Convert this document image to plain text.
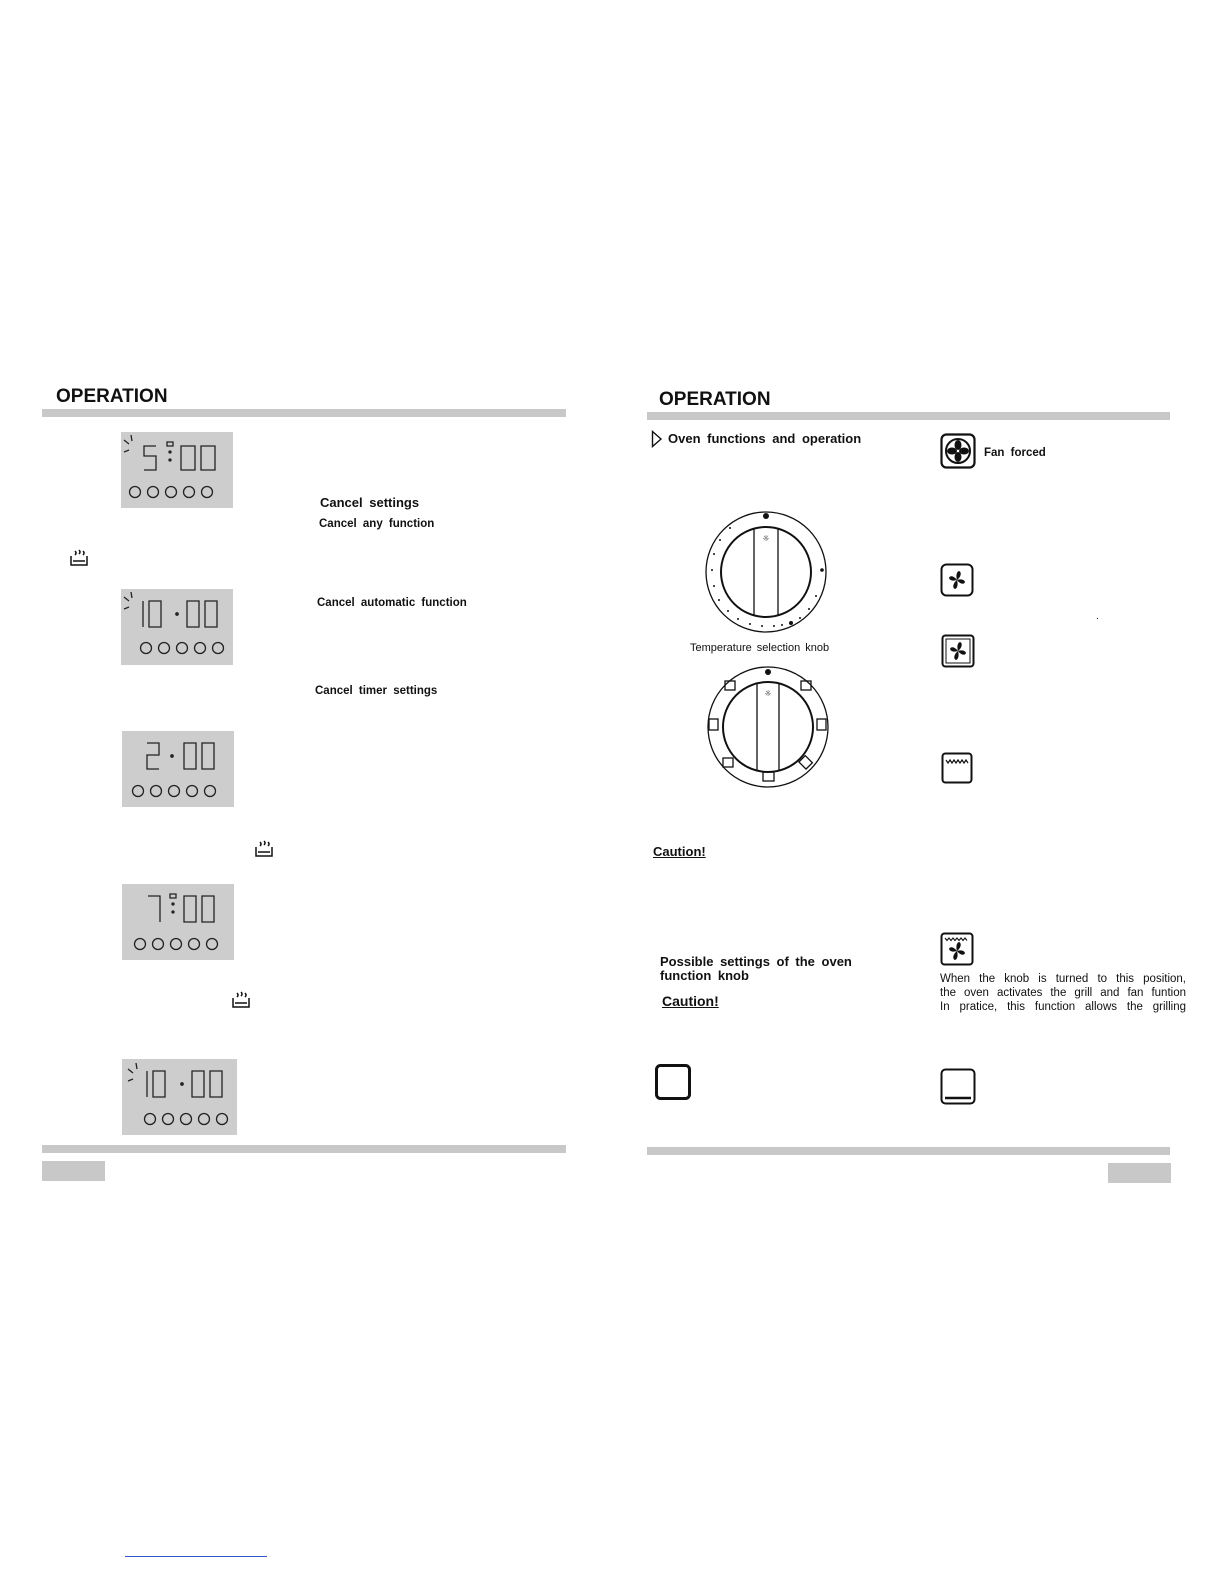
OPERATION
Cancel settings
Cancel any function
Cancel automatic function
Cancel timer settings
OPERATION
Oven functions and operation
☼
Temperature selection knob
☼
Caution!
Possible settings of the oven
function knob
Caution!
Fan forced
.
When the knob is turned to this position,
the oven activates the grill and fan funtion
In pratice, this function allows the grilling
